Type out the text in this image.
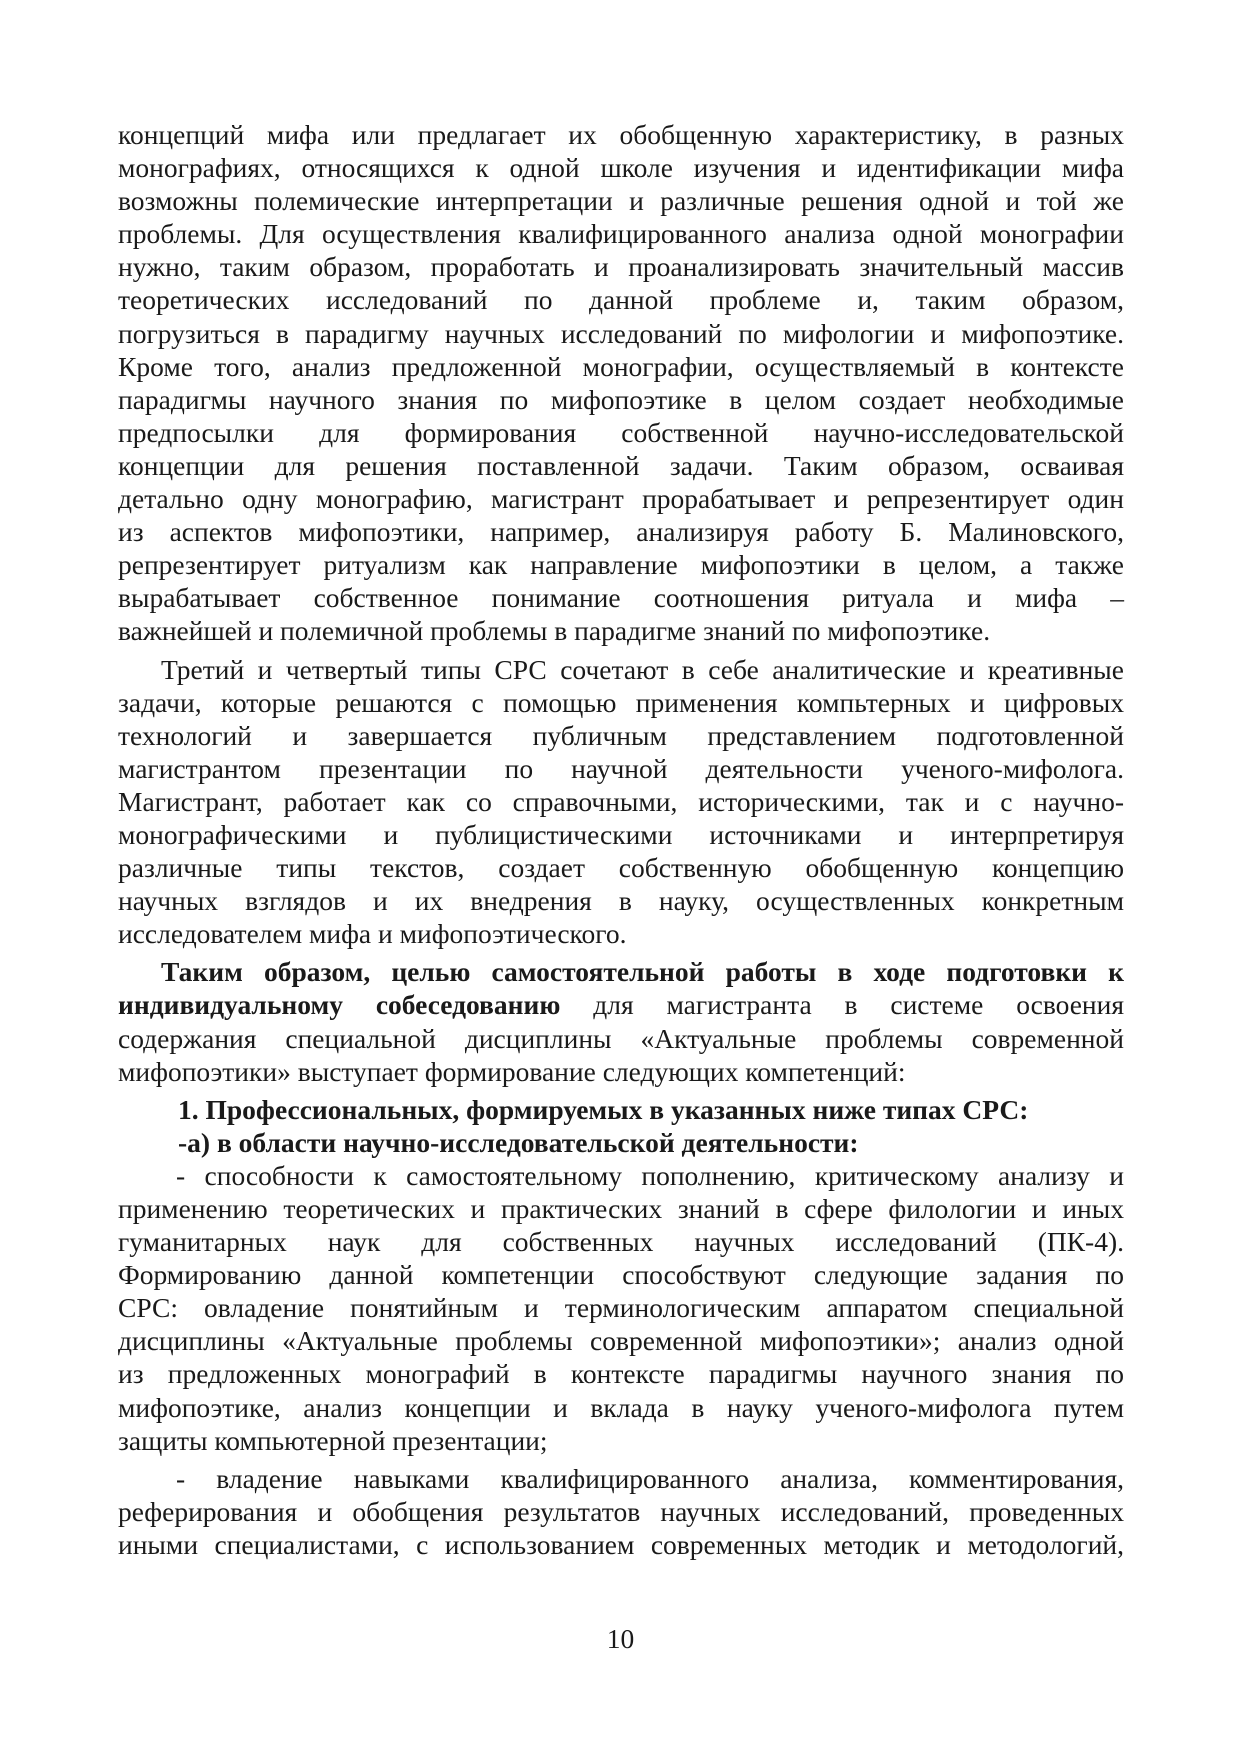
концепций мифа или предлагает их обобщенную характеристику, в разных

монографиях, относящихся к одной школе изучения и идентификации мифа

возможны полемические интерпретации и различные решения одной и той же

проблемы. Для осуществления квалифицированного анализа одной монографии

нужно, таким образом, проработать и проанализировать значительный массив

теоретических исследований по данной проблеме и, таким образом,

погрузиться в парадигму научных исследований по мифологии и мифопоэтике.

Кроме того, анализ предложенной монографии, осуществляемый в контексте

парадигмы научного знания по мифопоэтике в целом создает необходимые

предпосылки для формирования собственной научно-исследовательской

концепции для решения поставленной задачи. Таким образом, осваивая

детально одну монографию, магистрант прорабатывает и репрезентирует один

из аспектов мифопоэтики, например, анализируя работу Б. Малиновского,

репрезентирует ритуализм как направление мифопоэтики в целом, а также

вырабатывает собственное понимание соотношения ритуала и мифа –

важнейшей и полемичной проблемы в парадигме знаний по мифопоэтике.

Третий и четвертый типы СРС сочетают в себе аналитические и креативные

задачи, которые решаются с помощью применения компьтерных и цифровых

технологий и завершается публичным представлением подготовленной

магистрантом презентации по научной деятельности ученого-мифолога.

Магистрант, работает как со справочными, историческими, так и с научно-

монографическими и публицистическими источниками и интерпретируя

различные типы текстов, создает собственную обобщенную концепцию

научных взглядов и их внедрения в науку, осуществленных конкретным

исследователем мифа и мифопоэтического.

Таким образом, целью самостоятельной работы в ходе подготовки к

индивидуальному собеседованию для магистранта в системе освоения

содержания специальной дисциплины «Актуальные проблемы современной

мифопоэтики» выступает формирование следующих компетенций:

1. Профессиональных, формируемых в указанных ниже типах СРС:

-а) в области научно-исследовательской деятельности:

- способности к самостоятельному пополнению, критическому анализу и

применению теоретических и практических знаний в сфере филологии и иных

гуманитарных наук для собственных научных исследований (ПК-4).

Формированию данной компетенции способствуют следующие задания по

СРС: овладение понятийным и терминологическим аппаратом специальной

дисциплины «Актуальные проблемы современной мифопоэтики»; анализ одной

из предложенных монографий в контексте парадигмы научного знания по

мифопоэтике, анализ концепции и вклада в науку ученого-мифолога путем

защиты компьютерной презентации;

- владение навыками квалифицированного анализа, комментирования,

реферирования и обобщения результатов научных исследований, проведенных

иными специалистами, с использованием современных методик и методологий,

10
